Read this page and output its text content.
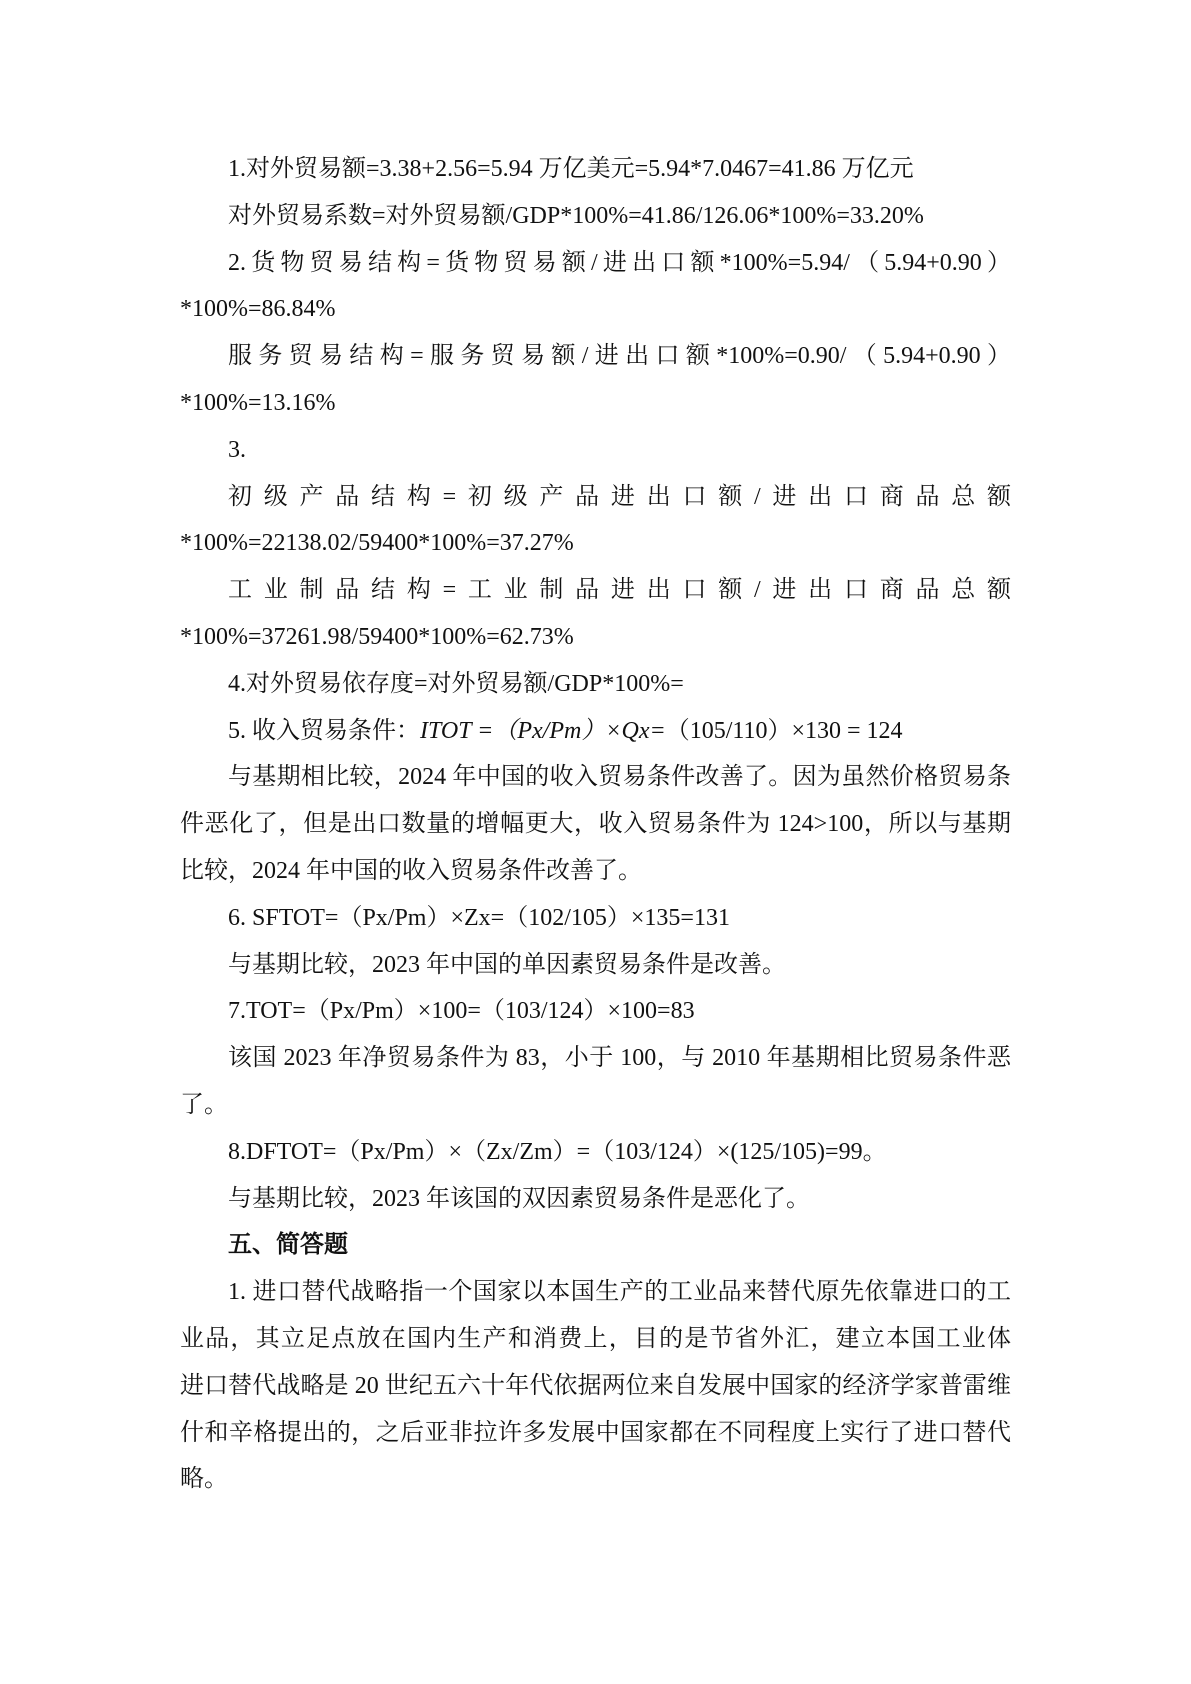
1.对外贸易额=3.38+2.56=5.94 万亿美元=5.94*7.0467=41.86 万亿元
对外贸易系数=对外贸易额/GDP*100%=41.86/126.06*100%=33.20%
2.货物贸易结构=货物贸易额/进出口额*100%=5.94/（5.94+0.90）
*100%=86.84%
服务贸易结构=服务贸易额/进出口额*100%=0.90/（5.94+0.90）
*100%=13.16%
3.
初级产品结构=初级产品进出口额/进出口商品总额
*100%=22138.02/59400*100%=37.27%
工业制品结构=工业制品进出口额/进出口商品总额
*100%=37261.98/59400*100%=62.73%
4.对外贸易依存度=对外贸易额/GDP*100%=
5. 收入贸易条件：ITOT =（Px/Pm）×Qx=（105/110）×130 = 124
与基期相比较，2024 年中国的收入贸易条件改善了。因为虽然价格贸易条
件恶化了，但是出口数量的增幅更大，收入贸易条件为 124>100，所以与基期
比较，2024 年中国的收入贸易条件改善了。
6. SFTOT=（Px/Pm）×Zx=（102/105）×135=131
与基期比较，2023 年中国的单因素贸易条件是改善。
7.TOT=（Px/Pm）×100=（103/124）×100=83
该国 2023 年净贸易条件为 83，小于 100，与 2010 年基期相比贸易条件恶
了。
8.DFTOT=（Px/Pm）×（Zx/Zm）=（103/124）×(125/105)=99。
与基期比较，2023 年该国的双因素贸易条件是恶化了。
五、简答题
1. 进口替代战略指一个国家以本国生产的工业品来替代原先依靠进口的工
业品，其立足点放在国内生产和消费上，目的是节省外汇，建立本国工业体
进口替代战略是 20 世纪五六十年代依据两位来自发展中国家的经济学家普雷维
什和辛格提出的，之后亚非拉许多发展中国家都在不同程度上实行了进口替代
略。
